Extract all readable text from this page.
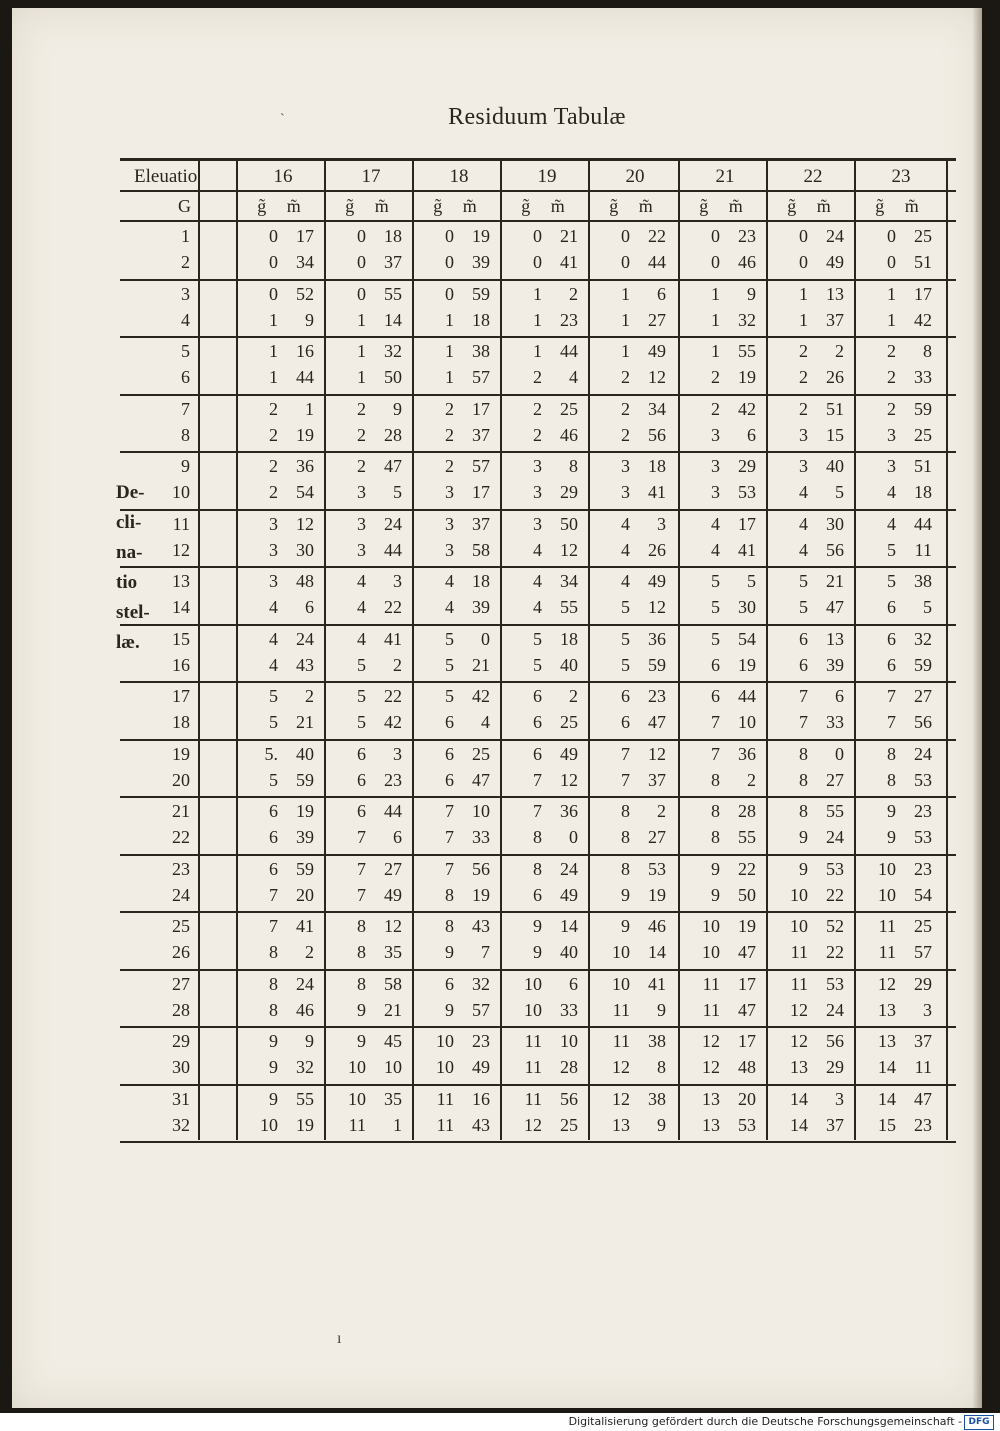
ˋ	Residuum Tabulæ
Eleuatio	16	17	18	19	20	21	22	23
G	g̃ m̃	g̃ m̃	g̃ m̃	g̃ m̃	g̃ m̃	g̃ m̃	g̃ m̃	g̃ m̃
1	0 17	0 18	0 19	0 21	0 22	0 23	0 24	0 25
2	0 34	0 37	0 39	0 41	0 44	0 46	0 49	0 51
3	0 52	0 55	0 59	1 2	1 6	1 9	1 13	1 17
4	1 9	1 14	1 18	1 23	1 27	1 32	1 37	1 42
5	1 16	1 32	1 38	1 44	1 49	1 55	2 2	2 8
6	1 44	1 50	1 57	2 4	2 12	2 19	2 26	2 33
7	2 1	2 9	2 17	2 25	2 34	2 42	2 51	2 59
8	2 19	2 28	2 37	2 46	2 56	3 6	3 15	3 25
9	2 36	2 47	2 57	3 8	3 18	3 29	3 40	3 51
10	2 54	3 5	3 17	3 29	3 41	3 53	4 5	4 18
11	3 12	3 24	3 37	3 50	4 3	4 17	4 30	4 44
12	3 30	3 44	3 58	4 12	4 26	4 41	4 56	5 11
13	3 48	4 3	4 18	4 34	4 49	5 5	5 21	5 38
14	4 6	4 22	4 39	4 55	5 12	5 30	5 47	6 5
15	4 24	4 41	5 0	5 18	5 36	5 54	6 13	6 32
16	4 43	5 2	5 21	5 40	5 59	6 19	6 39	6 59
17	5 2	5 22	5 42	6 2	6 23	6 44	7 6	7 27
18	5 21	5 42	6 4	6 25	6 47	7 10	7 33	7 56
19	5. 40	6 3	6 25	6 49	7 12	7 36	8 0	8 24
20	5 59	6 23	6 47	7 12	7 37	8 2	8 27	8 53
21	6 19	6 44	7 10	7 36	8 2	8 28	8 55	9 23
22	6 39	7 6	7 33	8 0	8 27	8 55	9 24	9 53
23	6 59	7 27	7 56	8 24	8 53	9 22	9 53	10 23
24	7 20	7 49	8 19	6 49	9 19	9 50	10 22	10 54
25	7 41	8 12	8 43	9 14	9 46	10 19	10 52	11 25
26	8 2	8 35	9 7	9 40	10 14	10 47	11 22	11 57
27	8 24	8 58	6 32	10 6	10 41	11 17	11 53	12 29
28	8 46	9 21	9 57	10 33	11 9	11 47	12 24	13 3
29	9 9	9 45	10 23	11 10	11 38	12 17	12 56	13 37
30	9 32	10 10	10 49	11 28	12 8	12 48	13 29	14 11
31	9 55	10 35	11 16	11 56	12 38	13 20	14 3	14 47
32	10 19	11 1	11 43	12 25	13 9	13 53	14 37	15 23
De-
cli-
na-
tio
stel-
læ.
ı
Digitalisierung gefördert durch die Deutsche Forschungsgemeinschaft - DFG
